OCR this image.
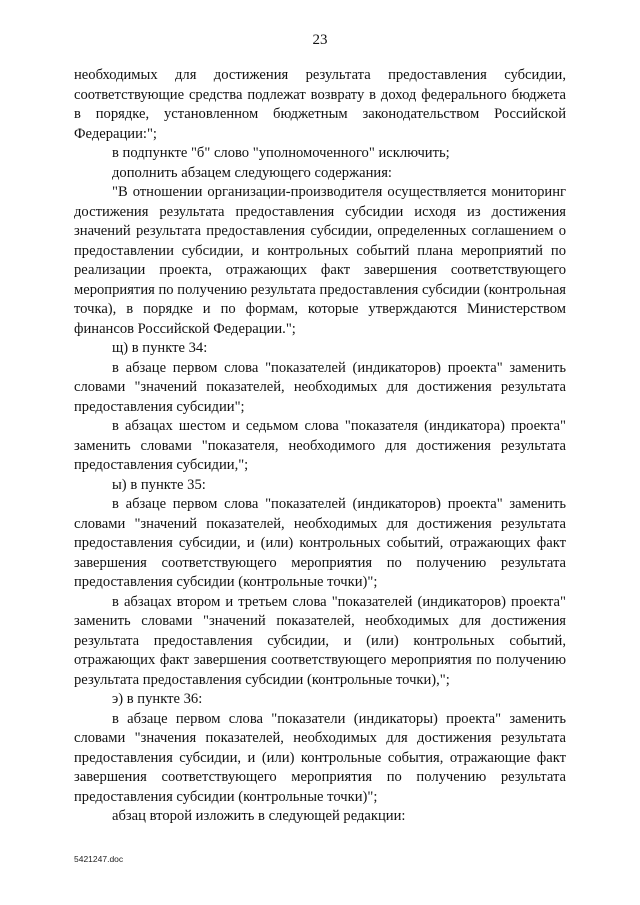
23

необходимых для достижения результата предоставления субсидии, соответствующие средства подлежат возврату в доход федерального бюджета в порядке, установленном бюджетным законодательством Российской Федерации:";

в подпункте "б" слово "уполномоченного" исключить;

дополнить абзацем следующего содержания:

"В отношении организации-производителя осуществляется мониторинг достижения результата предоставления субсидии исходя из достижения значений результата предоставления субсидии, определенных соглашением о предоставлении субсидии, и контрольных событий плана мероприятий по реализации проекта, отражающих факт завершения соответствующего мероприятия по получению результата предоставления субсидии (контрольная точка), в порядке и по формам, которые утверждаются Министерством финансов Российской Федерации.";

щ) в пункте 34:

в абзаце первом слова "показателей (индикаторов) проекта" заменить словами "значений показателей, необходимых для достижения результата предоставления субсидии";

в абзацах шестом и седьмом слова "показателя (индикатора) проекта" заменить словами "показателя, необходимого для достижения результата предоставления субсидии,";

ы) в пункте 35:

в абзаце первом слова "показателей (индикаторов) проекта" заменить словами "значений показателей, необходимых для достижения результата предоставления субсидии, и (или) контрольных событий, отражающих факт завершения соответствующего мероприятия по получению результата предоставления субсидии (контрольные точки)";

в абзацах втором и третьем слова "показателей (индикаторов) проекта" заменить словами "значений показателей, необходимых для достижения результата предоставления субсидии, и (или) контрольных событий, отражающих факт завершения соответствующего мероприятия по получению результата предоставления субсидии (контрольные точки),";

э) в пункте 36:

в абзаце первом слова "показатели (индикаторы) проекта" заменить словами "значения показателей, необходимых для достижения результата предоставления субсидии, и (или) контрольные события, отражающие факт завершения соответствующего мероприятия по получению результата предоставления субсидии (контрольные точки)";

абзац второй изложить в следующей редакции:

5421247.doc
